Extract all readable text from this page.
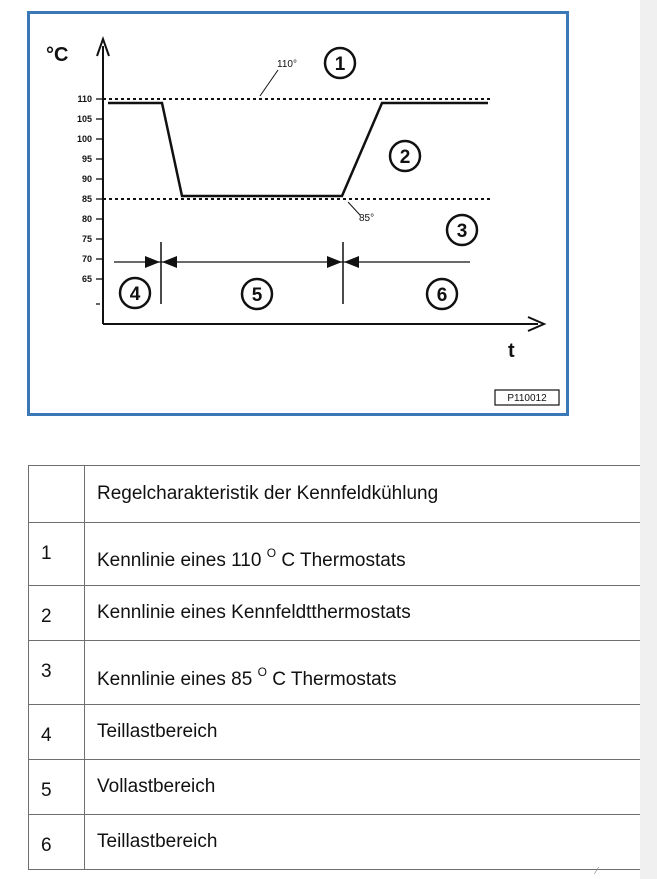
°C
t
110
105
100
95
90
85
80
75
70
65
110°
85°
1
2
3
4	5	6
P110012
	Regelcharakteristik der Kennfeldkühlung
1	Kennlinie eines 110 $^O$ C Thermostats
2	Kennlinie eines Kennfeldtthermostats
3	Kennlinie eines 85 $^O$ C Thermostats
4	Teillastbereich
5	Vollastbereich
6	Teillastbereich
⁄
